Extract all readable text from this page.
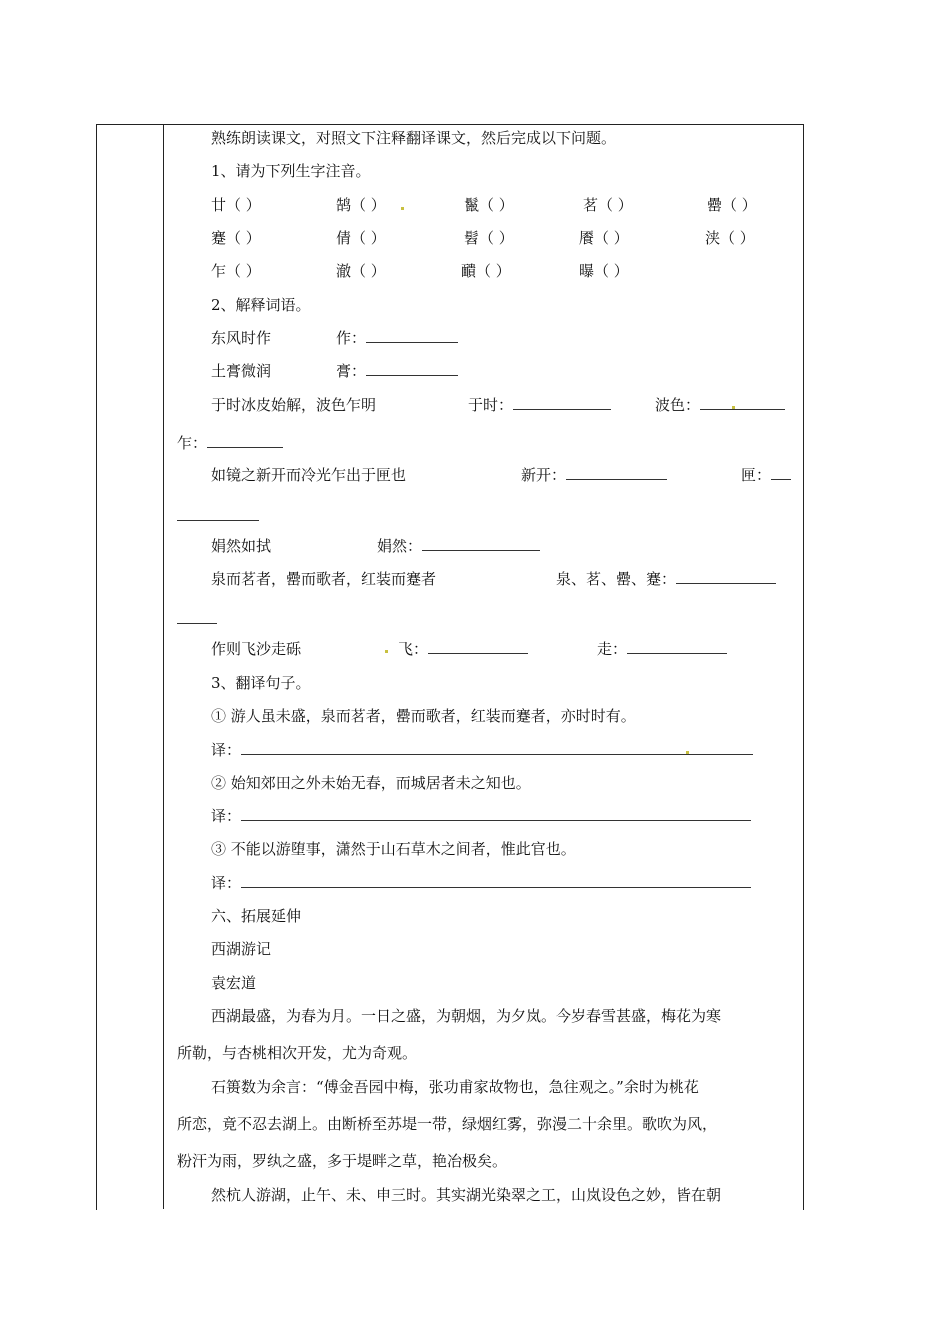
熟练朗读课文，对照文下注释翻译课文，然后完成以下问题。
1、请为下列生字注音。
廿（ ）	鹄（ ）	鬣（ ）	茗（ ）	罍（ ）
蹇（ ）	倩（ ）	髫（ ）	餍（ ）	浃（ ）
乍（ ）	澈（ ）	靧（ ）	曝（ ）
2、解释词语。
东风时作	作：
土膏微润	膏：
于时冰皮始解，波色乍明	于时：	波色：
乍：
如镜之新开而冷光乍出于匣也	新开：	匣：
娟然如拭	娟然：
泉而茗者，罍而歌者，红装而蹇者	泉、茗、罍、蹇：
作则飞沙走砾	飞：	走：
3、翻译句子。
① 游人虽未盛，泉而茗者，罍而歌者，红装而蹇者，亦时时有。
译：
② 始知郊田之外未始无春，而城居者未之知也。
译：
③ 不能以游堕事，潇然于山石草木之间者，惟此官也。
译：
六、拓展延伸
西湖游记
袁宏道
西湖最盛，为春为月。一日之盛，为朝烟，为夕岚。今岁春雪甚盛，梅花为寒
所勒，与杏桃相次开发，尤为奇观。
石篑数为余言：“傅金吾园中梅，张功甫家故物也，急往观之。”余时为桃花
所恋，竟不忍去湖上。由断桥至苏堤一带，绿烟红雾，弥漫二十余里。歌吹为风，
粉汗为雨，罗纨之盛，多于堤畔之草，艳冶极矣。
然杭人游湖，止午、未、申三时。其实湖光染翠之工，山岚设色之妙，皆在朝
